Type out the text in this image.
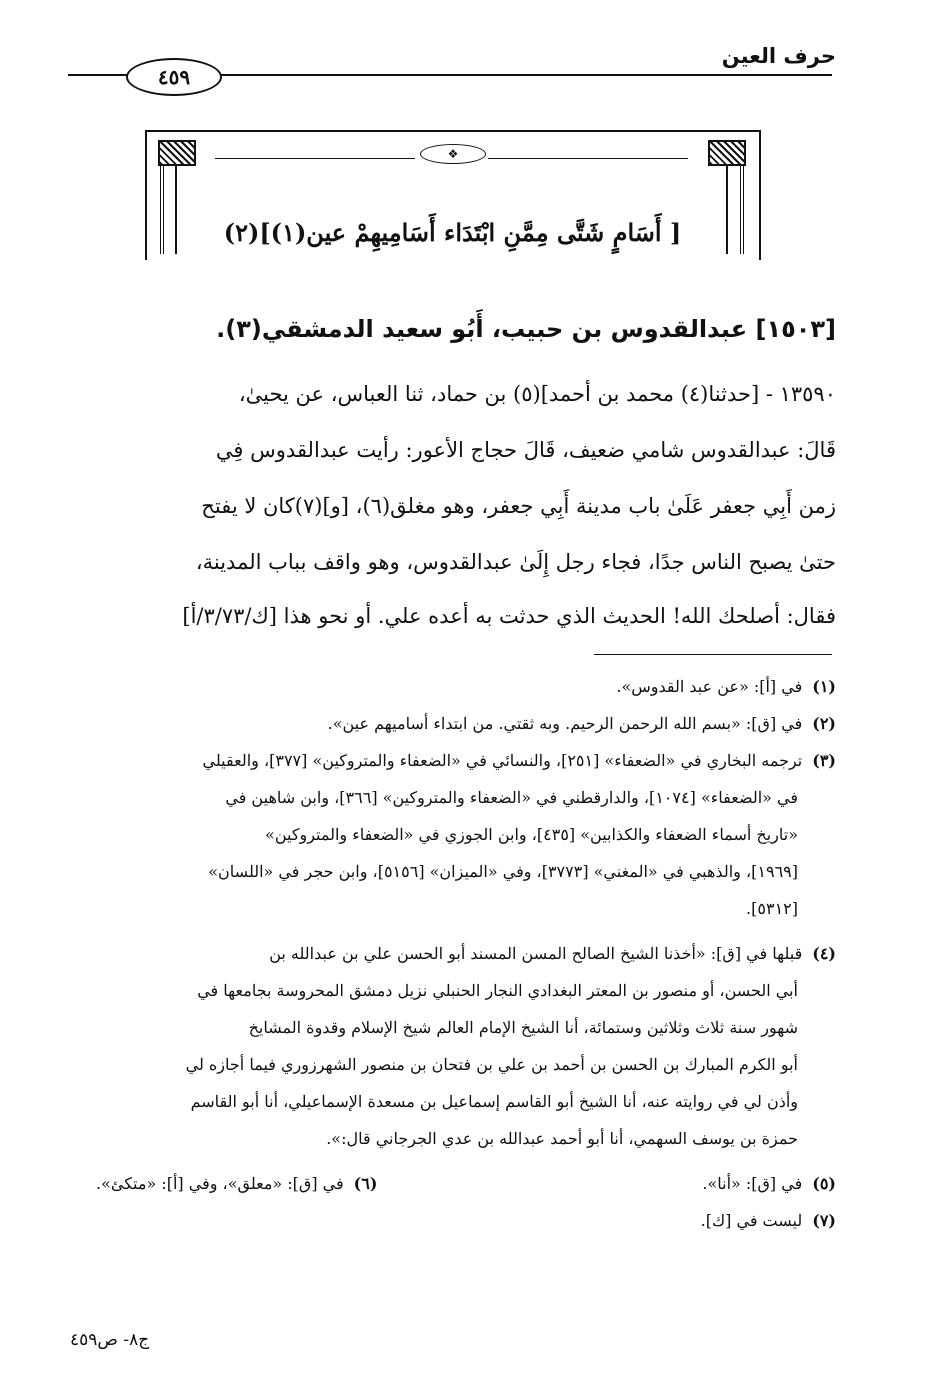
حرف العين
٤٥٩
❖
[ أَسَامٍ شَتَّى مِمَّنِ ابْتَدَاء أَسَامِيهِمْ عين(١)](٢)
[١٥٠٣] عبدالقدوس بن حبيب، أَبُو سعيد الدمشقي(٣).
١٣٥٩٠ - [حدثنا(٤) محمد بن أحمد](٥) بن حماد، ثنا العباس، عن يحيىٰ،
قَالَ: عبدالقدوس شامي ضعيف، قَالَ حجاج الأعور: رأيت عبدالقدوس فِي
زمن أَبِي جعفر عَلَىٰ باب مدينة أَبِي جعفر، وهو مغلق(٦)، [و](٧)كان لا يفتح
حتىٰ يصبح الناس جدًا، فجاء رجل إِلَىٰ عبدالقدوس، وهو واقف بباب المدينة،
فقال: أصلحك الله! الحديث الذي حدثت به أعده علي. أو نحو هذا [ك/٣/٧٣/أ]
(١)في [أ]: «عن عبد القدوس».
(٢)في [ق]: «بسم الله الرحمن الرحيم. وبه ثقتي. من ابتداء أساميهم عين».
(٣)ترجمه البخاري في «الضعفاء» [٢٥١]، والنسائي في «الضعفاء والمتروكين» [٣٧٧]، والعقيلي
في «الضعفاء» [١٠٧٤]، والدارقطني في «الضعفاء والمتروكين» [٣٦٦]، وابن شاهين في
«تاريخ أسماء الضعفاء والكذابين» [٤٣٥]، وابن الجوزي في «الضعفاء والمتروكين»
[١٩٦٩]، والذهبي في «المغني» [٣٧٧٣]، وفي «الميزان» [٥١٥٦]، وابن حجر في «اللسان»
[٥٣١٢].
(٤)قبلها في [ق]: «أخذنا الشيخ الصالح المسن المسند أبو الحسن علي بن عبدالله بن
أبي الحسن، أو منصور بن المعتر البغدادي النجار الحنبلي نزيل دمشق المحروسة بجامعها في
شهور سنة ثلاث وثلاثين وستمائة، أنا الشيخ الإمام العالم شيخ الإسلام وقدوة المشايخ
أبو الكرم المبارك بن الحسن بن أحمد بن علي بن فتحان بن منصور الشهرزوري فيما أجازه لي
وأذن لي في روايته عنه، أنا الشيخ أبو القاسم إسماعيل بن مسعدة الإسماعيلي، أنا أبو القاسم
حمزة بن يوسف السهمي، أنا أبو أحمد عبدالله بن عدي الجرجاني قال:».
(٥)في [ق]: «أنا».
(٦)في [ق]: «معلق»، وفي [أ]: «متكئ».
(٧)ليست في [ك].
ج٨- ص٤٥٩
